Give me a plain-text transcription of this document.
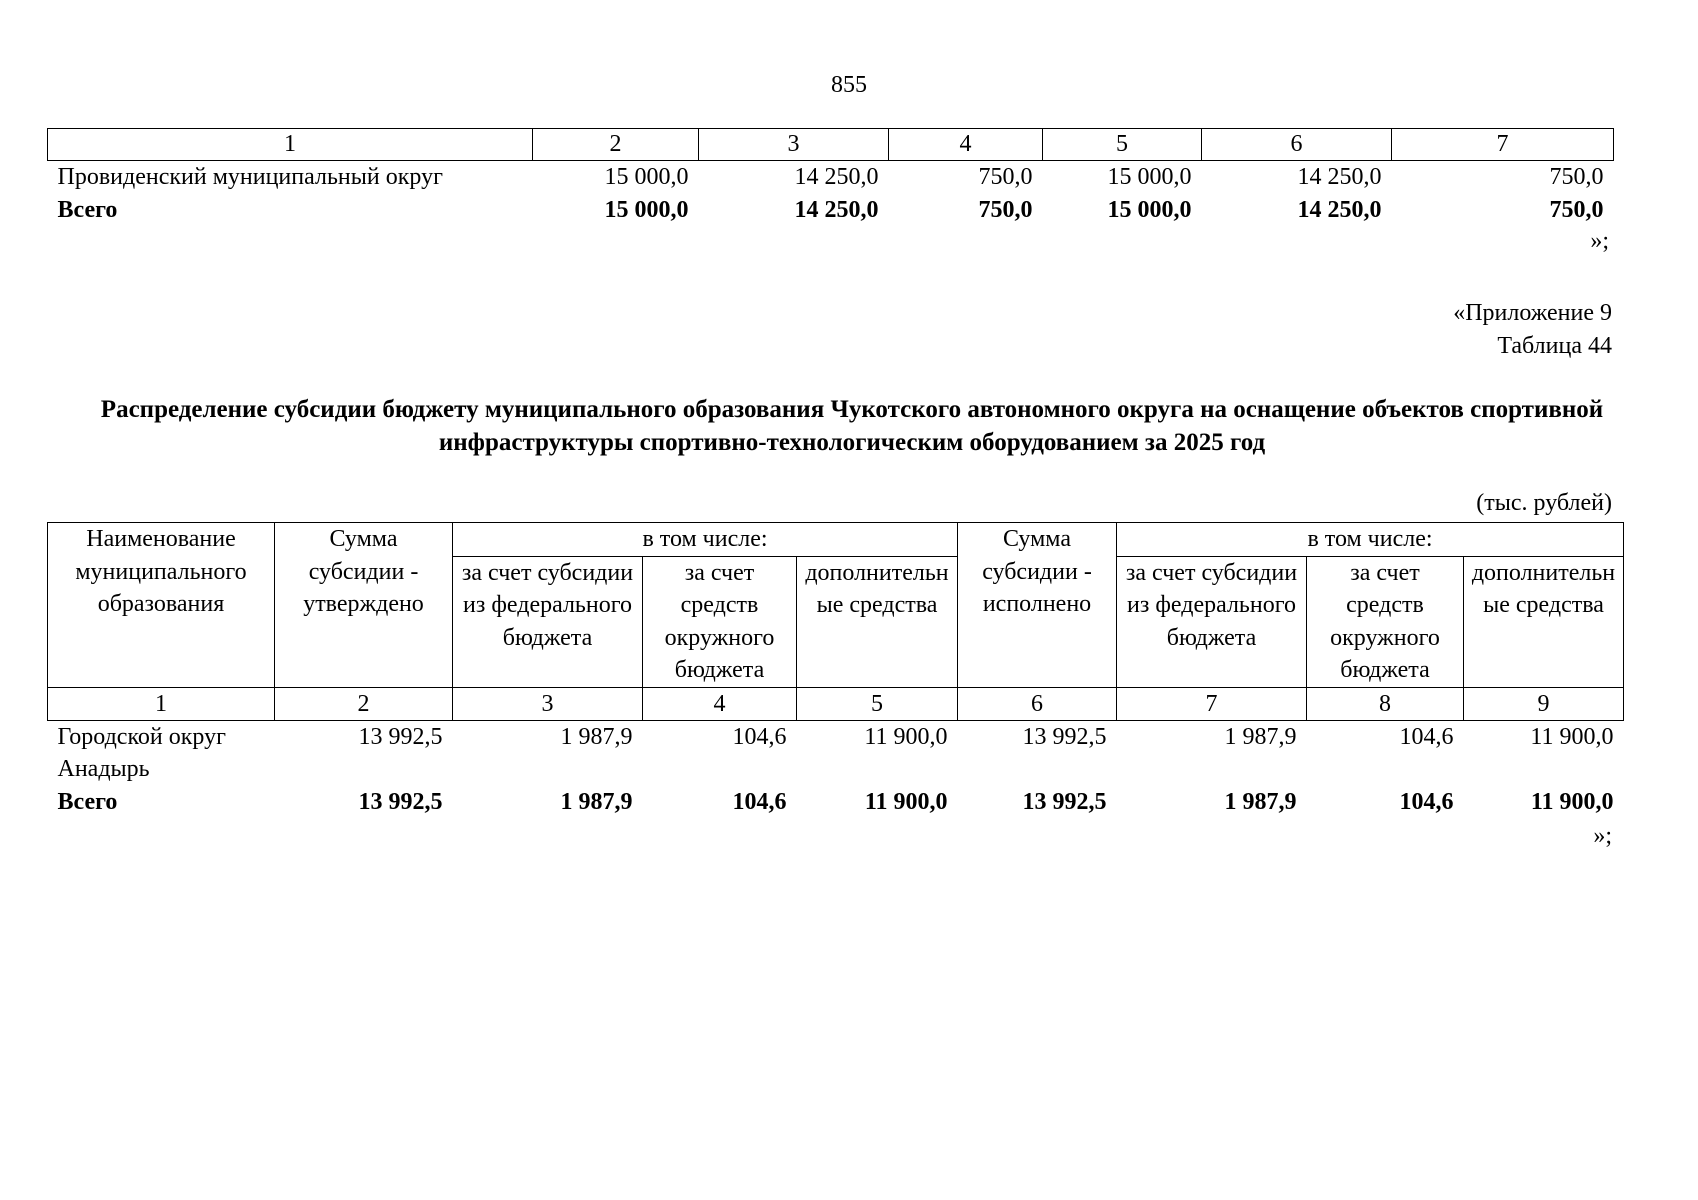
855
1	2	3	4	5	6	7
Провиденский муниципальный округ	15 000,0	14 250,0	750,0	15 000,0	14 250,0	750,0
Всего	15 000,0	14 250,0	750,0	15 000,0	14 250,0	750,0
»;
«Приложение 9
Таблица 44
Распределение субсидии бюджету муниципального образования Чукотского автономного округа на оснащение объектов спортивной инфраструктуры спортивно-технологическим оборудованием за 2025 год
(тыс. рублей)
Наименование муниципального образования	Сумма субсидии - утверждено	в том числе:			Сумма субсидии - исполнено	в том числе:		
		за счет субсидии из федерального бюджета	за счет средств окружного бюджета	дополнительные средства		за счет субсидии из федерального бюджета	за счет средств окружного бюджета	дополнительные средства
1	2	3	4	5	6	7	8	9
Городской округ Анадырь	13 992,5	1 987,9	104,6	11 900,0	13 992,5	1 987,9	104,6	11 900,0
Всего	13 992,5	1 987,9	104,6	11 900,0	13 992,5	1 987,9	104,6	11 900,0
»;
